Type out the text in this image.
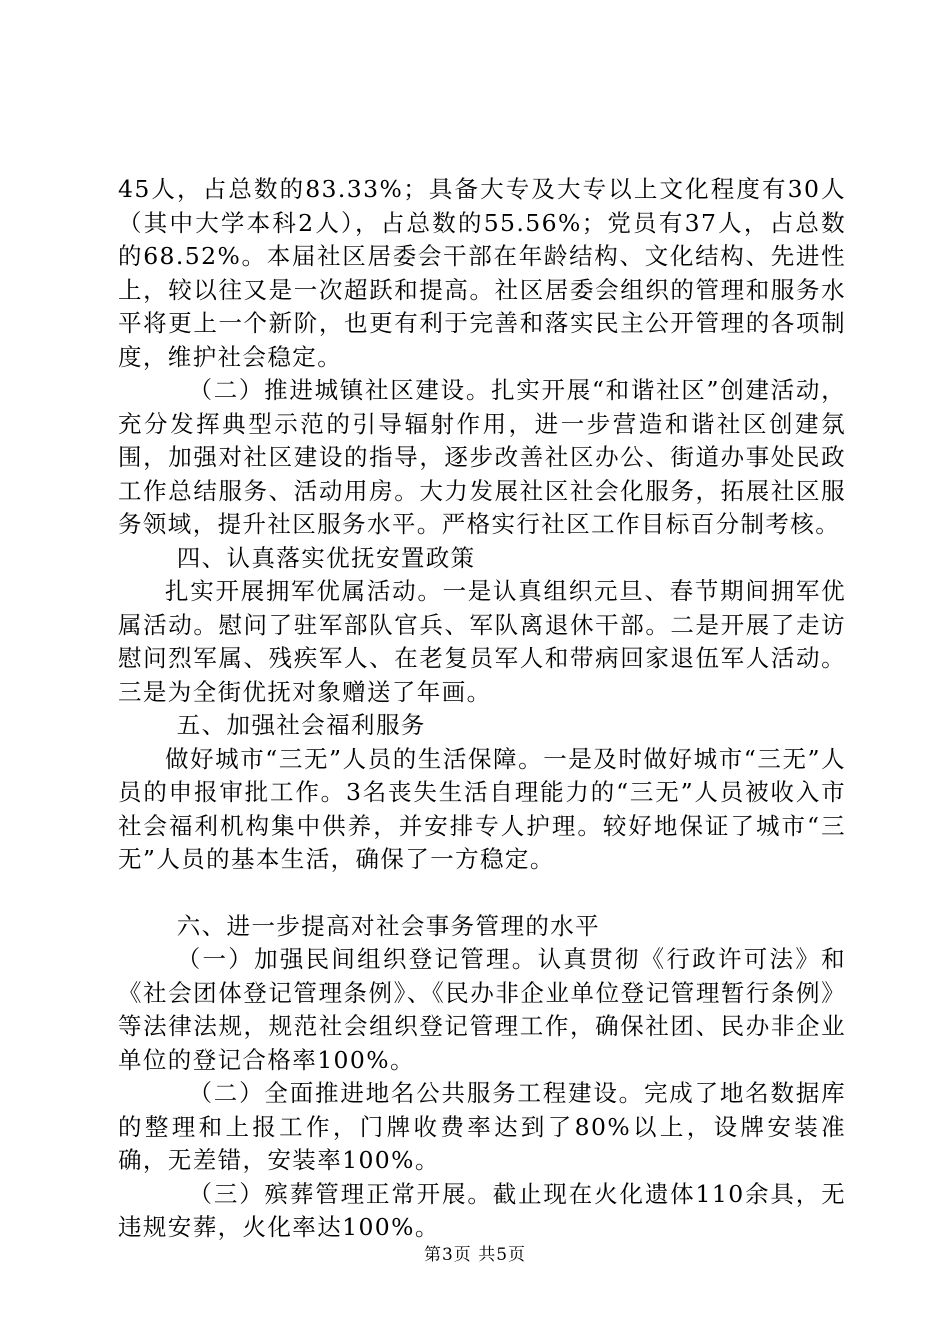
45人，占总数的83.33%；具备大专及大专以上文化程度有30人（其中大学本科2人），占总数的55.56%；党员有37人，占总数的68.52%。本届社区居委会干部在年龄结构、文化结构、先进性上，较以往又是一次超跃和提高。社区居委会组织的管理和服务水平将更上一个新阶，也更有利于完善和落实民主公开管理的各项制度，维护社会稳定。

（二）推进城镇社区建设。扎实开展“和谐社区”创建活动，充分发挥典型示范的引导辐射作用，进一步营造和谐社区创建氛围，加强对社区建设的指导，逐步改善社区办公、街道办事处民政工作总结服务、活动用房。大力发展社区社会化服务，拓展社区服务领域，提升社区服务水平。严格实行社区工作目标百分制考核。

四、认真落实优抚安置政策

扎实开展拥军优属活动。一是认真组织元旦、春节期间拥军优属活动。慰问了驻军部队官兵、军队离退休干部。二是开展了走访慰问烈军属、残疾军人、在老复员军人和带病回家退伍军人活动。三是为全街优抚对象赠送了年画。

五、加强社会福利服务

做好城市“三无”人员的生活保障。一是及时做好城市“三无”人员的申报审批工作。3名丧失生活自理能力的“三无”人员被收入市社会福利机构集中供养，并安排专人护理。较好地保证了城市“三无”人员的基本生活，确保了一方稳定。

六、进一步提高对社会事务管理的水平

（一）加强民间组织登记管理。认真贯彻《行政许可法》和《社会团体登记管理条例》、《民办非企业单位登记管理暂行条例》等法律法规，规范社会组织登记管理工作，确保社团、民办非企业单位的登记合格率100%。

（二）全面推进地名公共服务工程建设。完成了地名数据库的整理和上报工作，门牌收费率达到了80%以上，设牌安装准确，无差错，安装率100%。

（三）殡葬管理正常开展。截止现在火化遗体110余具，无违规安葬，火化率达100%。

第3页 共5页
